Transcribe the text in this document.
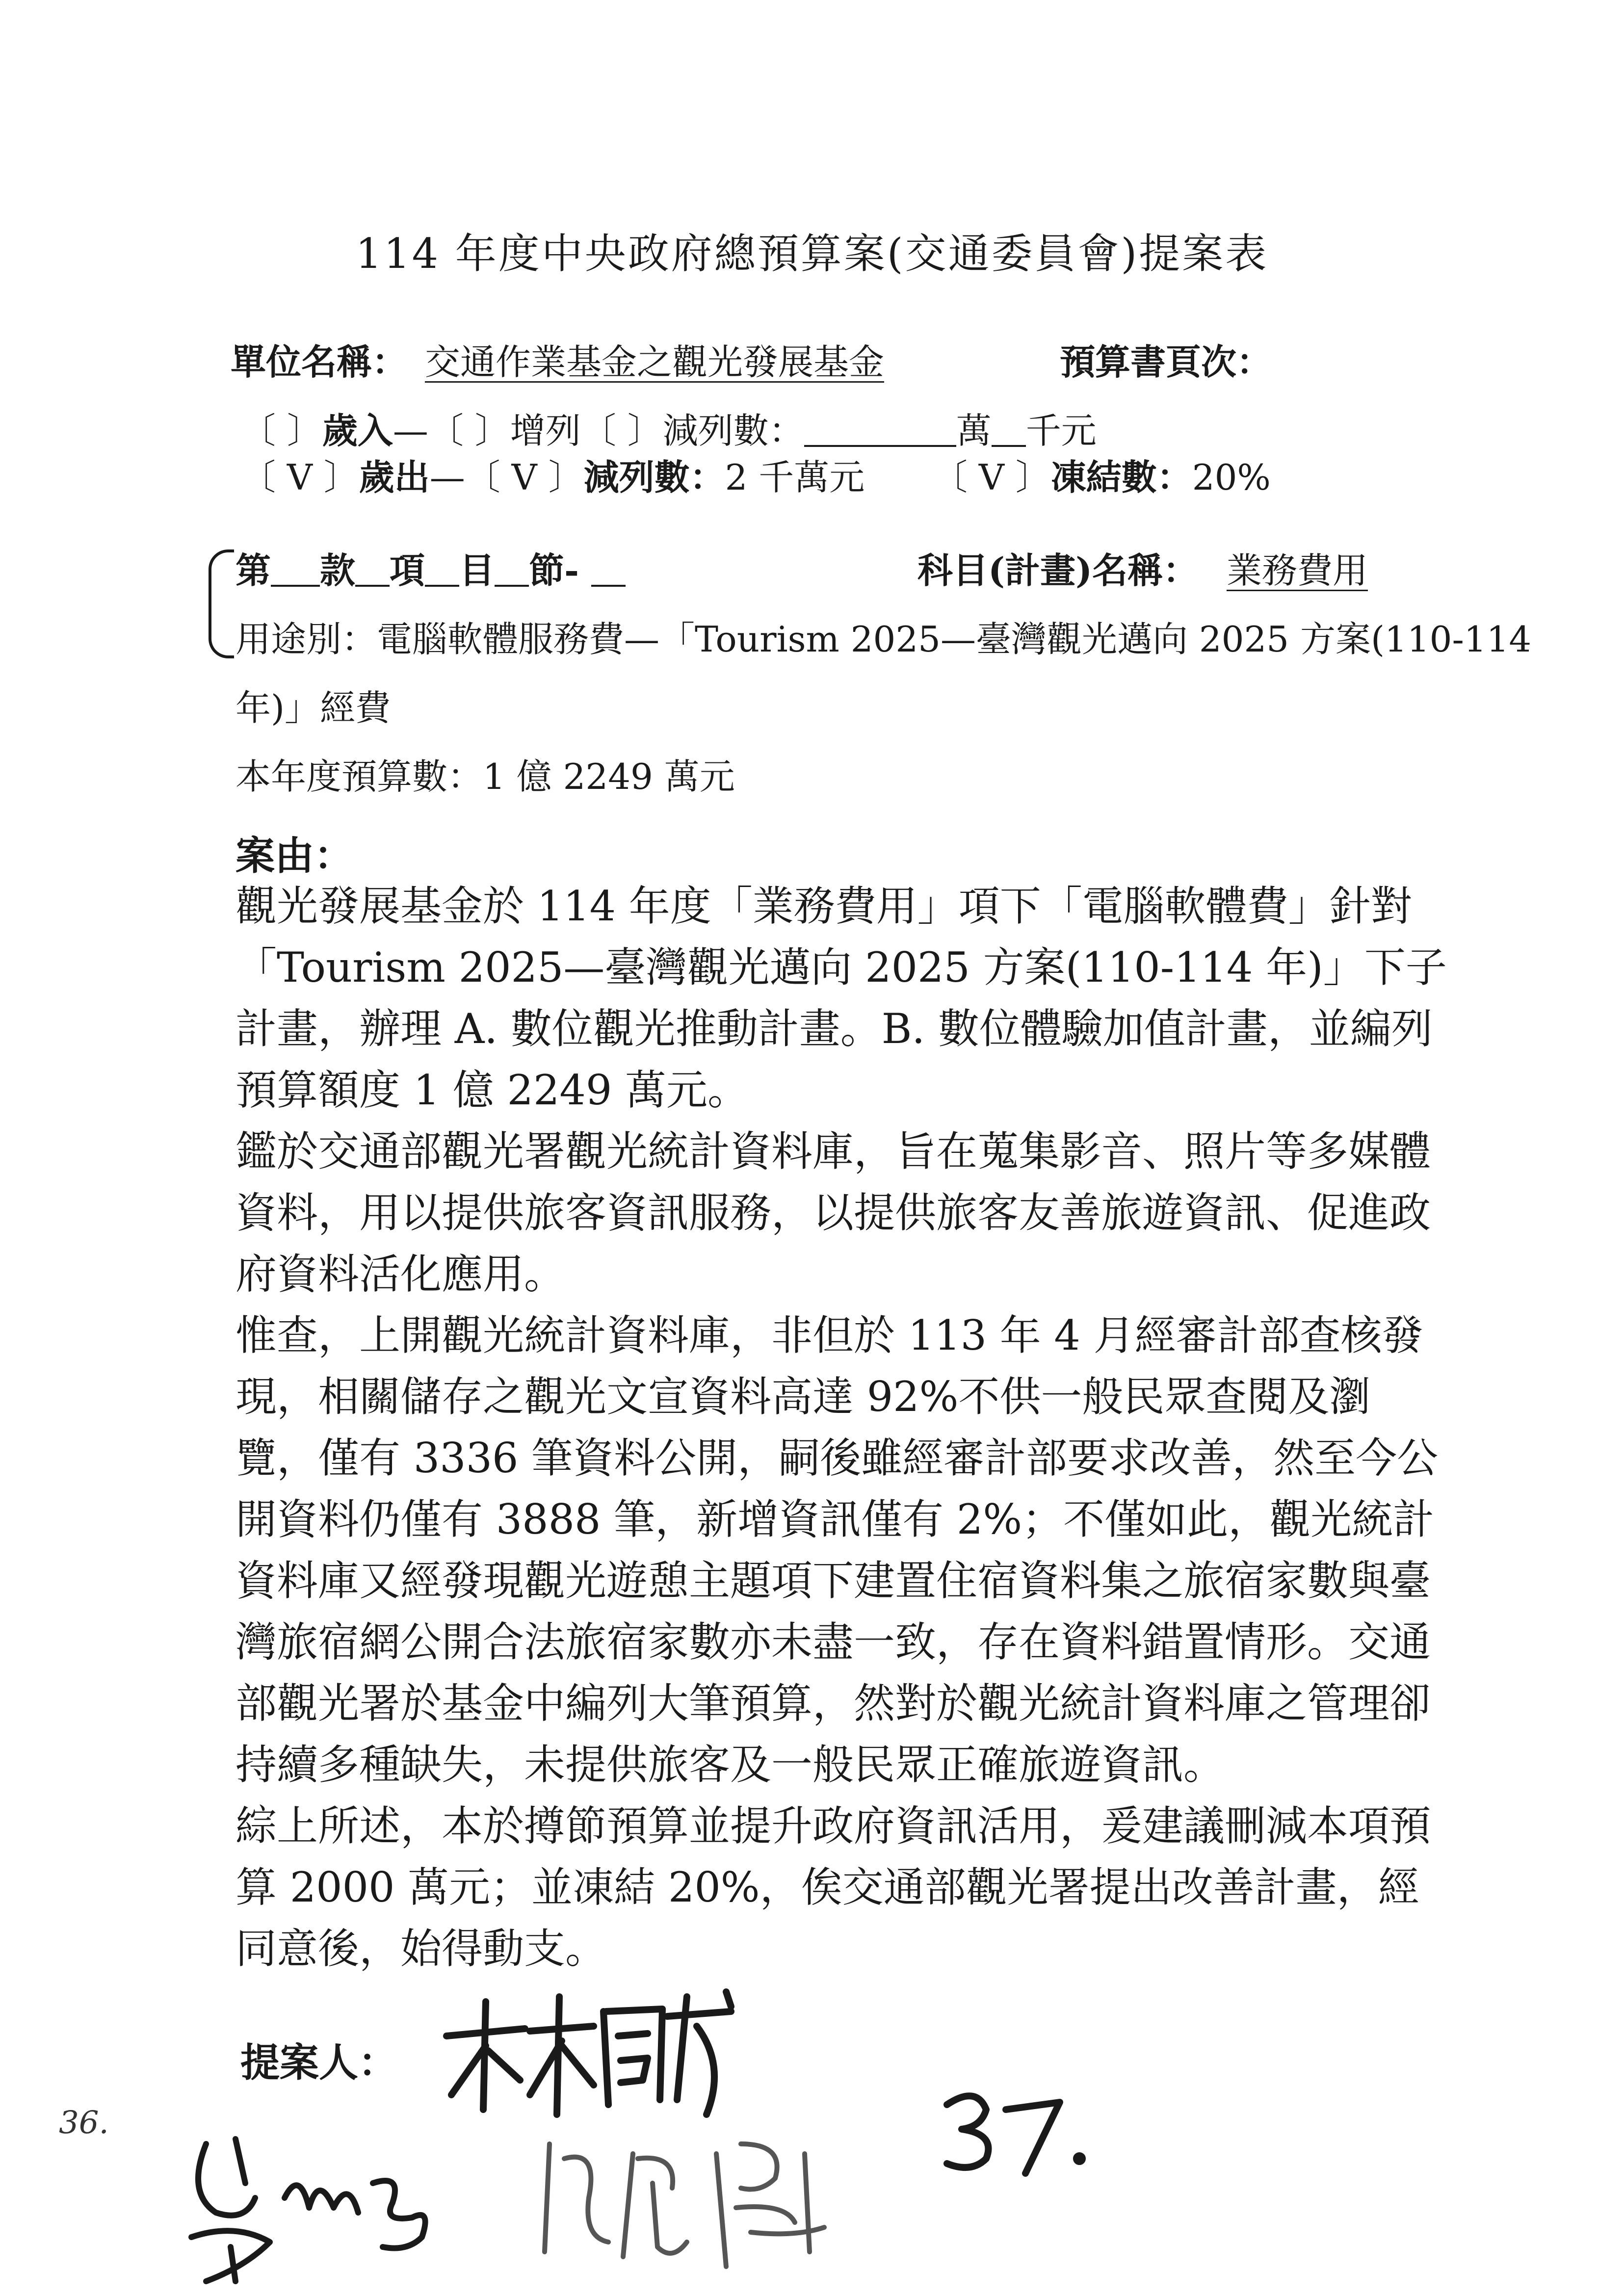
114 年度中央政府總預算案(交通委員會)提案表
單位名稱： 交通作業基金之觀光發展基金	預算書頁次：
〔 〕歲入—〔 〕增列〔 〕減列數：	萬 千元
〔 V 〕歲出—〔 V 〕減列數：2 千萬元 〔 V 〕凍結數：20%
第 款 項 目 節-	科目(計畫)名稱： 業務費用
用途別：電腦軟體服務費—「Tourism 2025—臺灣觀光邁向 2025 方案(110-114
年)」經費
本年度預算數：1 億 2249 萬元
案由：

觀光發展基金於 114 年度「業務費用」項下「電腦軟體費」針對「Tourism 2025—臺灣觀光邁向 2025 方案(110-114 年)」下子計畫，辦理 A. 數位觀光推動計畫。B. 數位體驗加值計畫，並編列預算額度 1 億 2249 萬元。

鑑於交通部觀光署觀光統計資料庫，旨在蒐集影音、照片等多媒體資料，用以提供旅客資訊服務，以提供旅客友善旅遊資訊、促進政府資料活化應用。

惟查，上開觀光統計資料庫，非但於 113 年 4 月經審計部查核發現，相關儲存之觀光文宣資料高達 92%不供一般民眾查閱及瀏覽，僅有 3336 筆資料公開，嗣後雖經審計部要求改善，然至今公開資料仍僅有 3888 筆，新增資訊僅有 2%；不僅如此，觀光統計資料庫又經發現觀光遊憩主題項下建置住宿資料集之旅宿家數與臺灣旅宿網公開合法旅宿家數亦未盡一致，存在資料錯置情形。交通部觀光署於基金中編列大筆預算，然對於觀光統計資料庫之管理卻持續多種缺失，未提供旅客及一般民眾正確旅遊資訊。

綜上所述，本於撙節預算並提升政府資訊活用，爰建議刪減本項預算 2000 萬元；並凍結 20%，俟交通部觀光署提出改善計畫，經同意後，始得動支。

提案人：
36.
